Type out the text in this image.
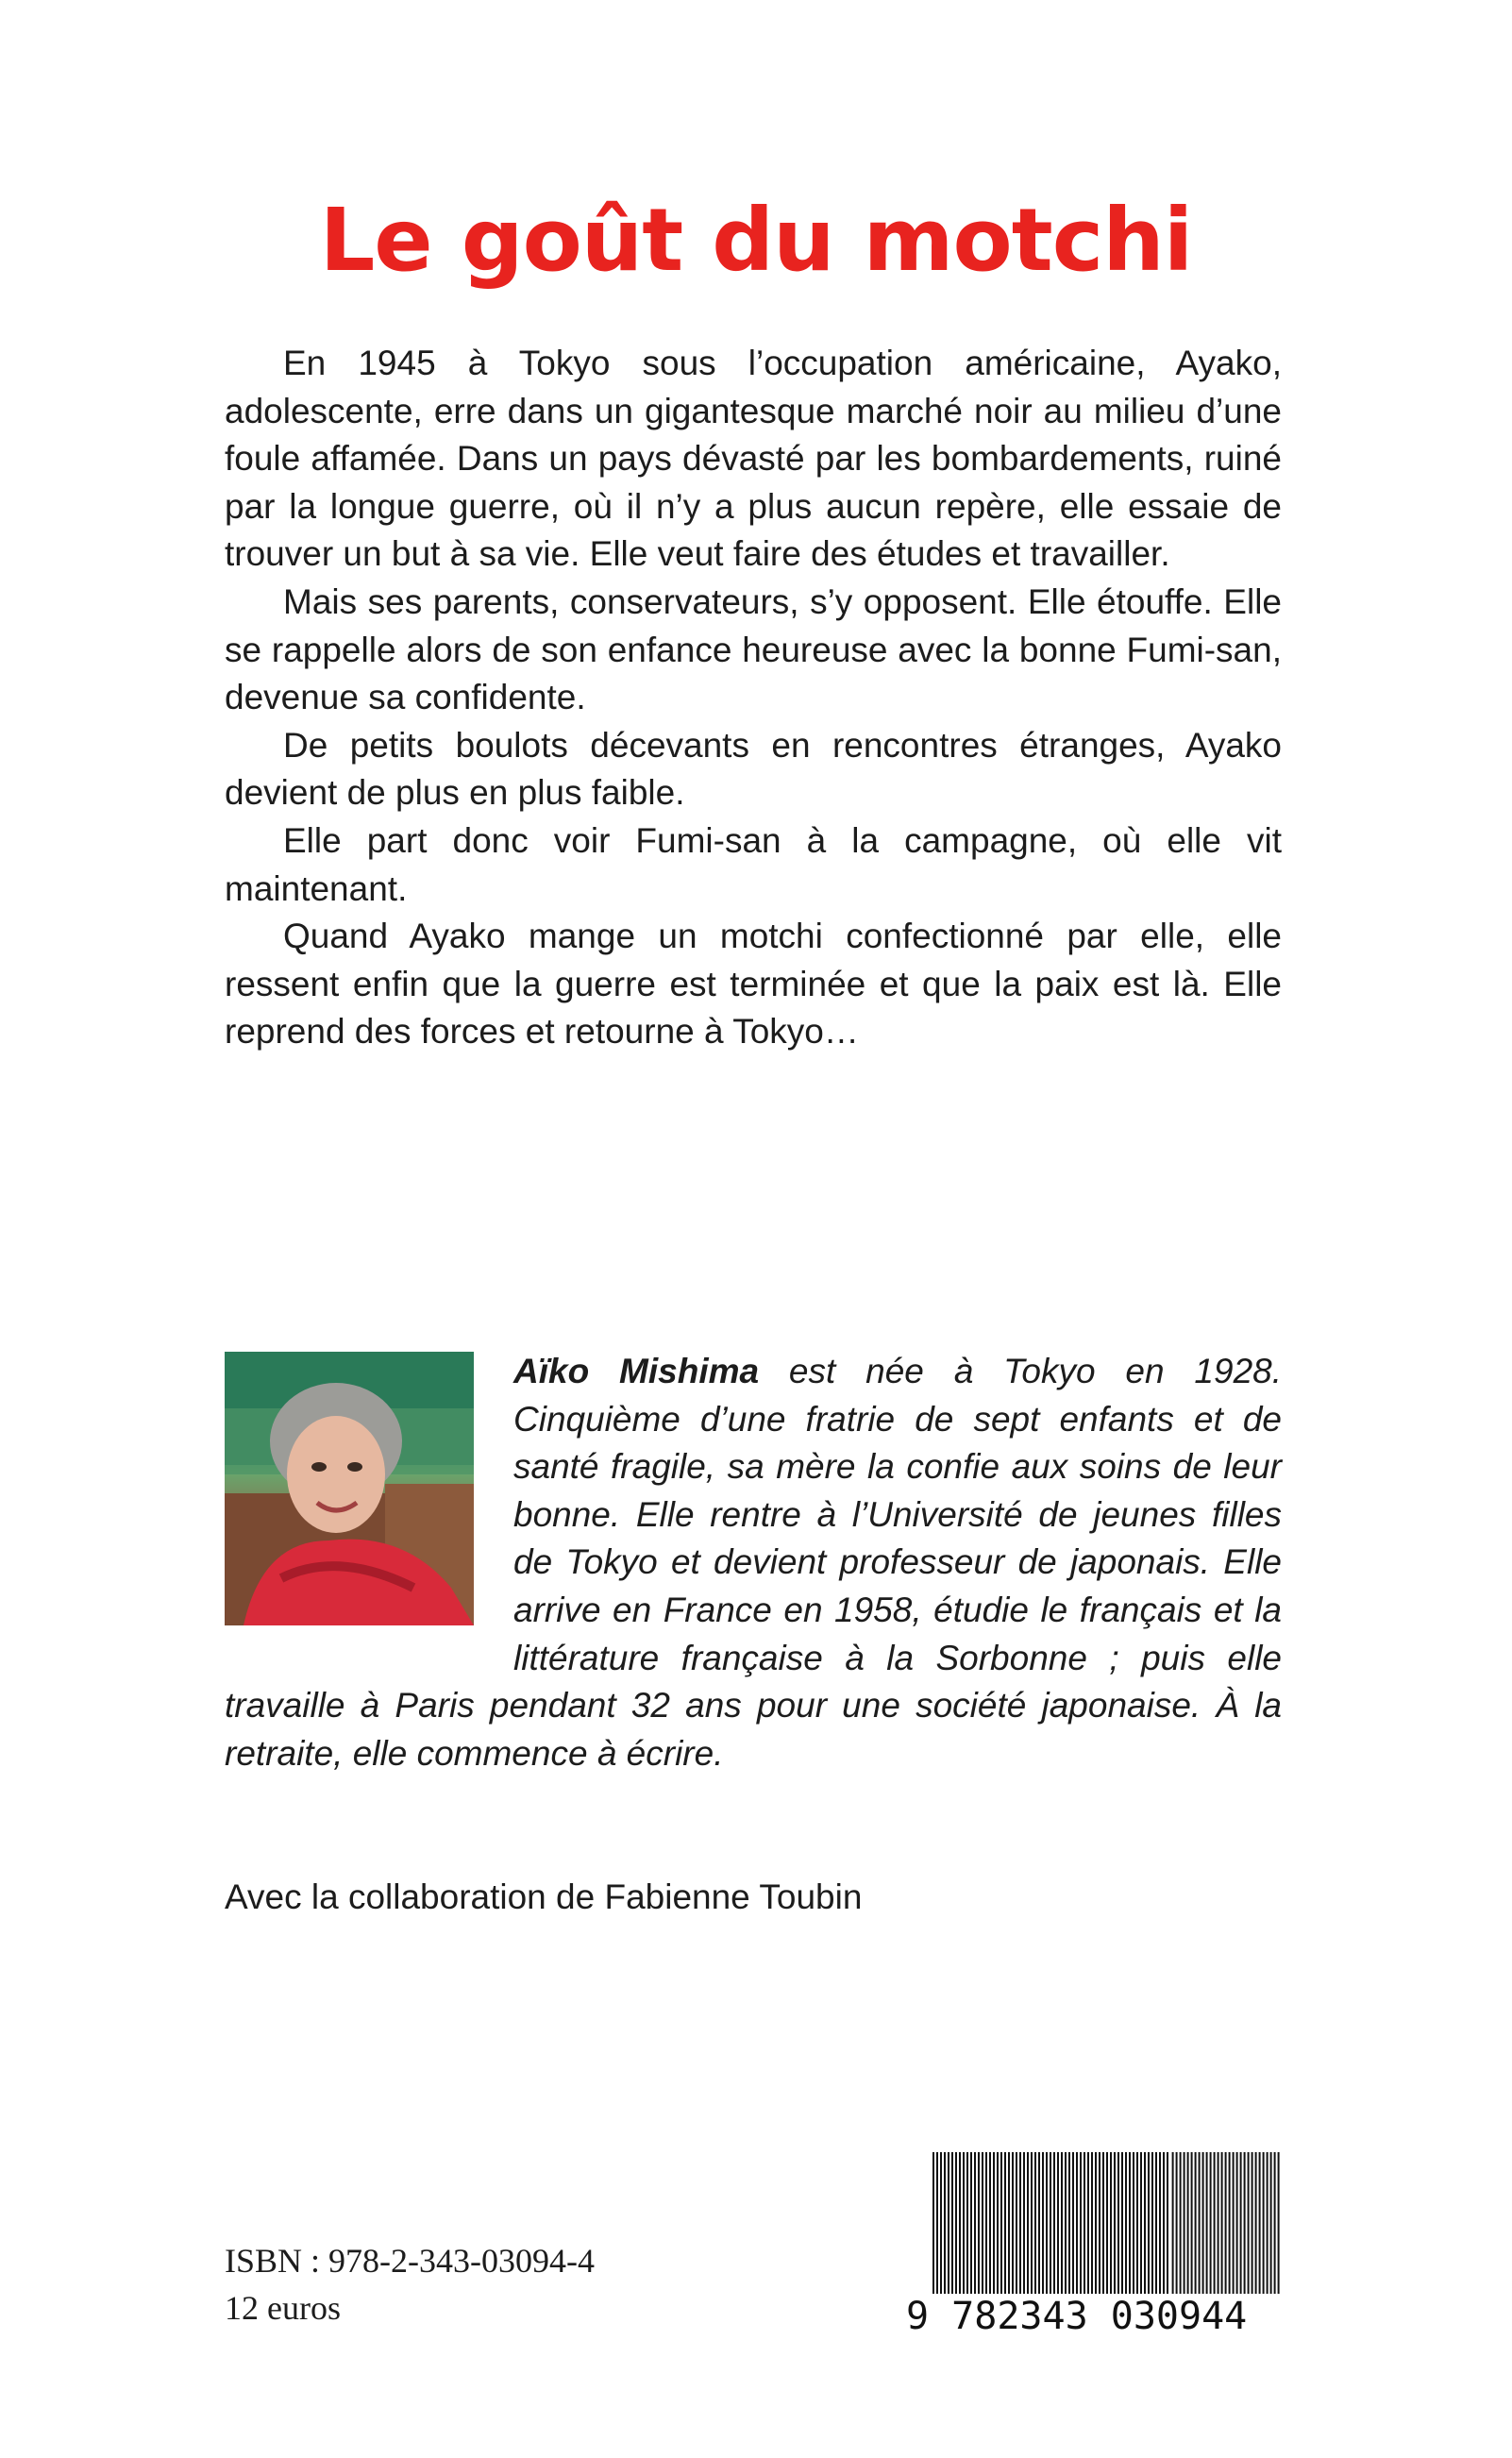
Le goût du motchi

En 1945 à Tokyo sous l’occupation américaine, Ayako, adolescente, erre dans un gigantesque marché noir au milieu d’une foule affamée. Dans un pays dévasté par les bombardements, ruiné par la longue guerre, où il n’y a plus aucun repère, elle essaie de trouver un but à sa vie. Elle veut faire des études et travailler.

Mais ses parents, conservateurs, s’y opposent. Elle étouffe. Elle se rappelle alors de son enfance heureuse avec la bonne Fumi-san, devenue sa confidente.

De petits boulots décevants en rencontres étranges, Ayako devient de plus en plus faible.

Elle part donc voir Fumi-san à la campagne, où elle vit maintenant.

Quand Ayako mange un motchi confectionné par elle, elle ressent enfin que la guerre est terminée et que la paix est là. Elle reprend des forces et retourne à Tokyo…

Aïko Mishima est née à Tokyo en 1928. Cinquième d’une fratrie de sept enfants et de santé fragile, sa mère la confie aux soins de leur bonne. Elle rentre à l’Université de jeunes filles de Tokyo et devient professeur de japonais. Elle arrive en France en 1958, étudie le français et la littérature française à la Sorbonne ; puis elle travaille à Paris pendant 32 ans pour une société japonaise. À la retraite, elle commence à écrire.
Avec la collaboration de Fabienne Toubin
ISBN : 978-2-343-03094-4
12 euros	9 782343 030944
